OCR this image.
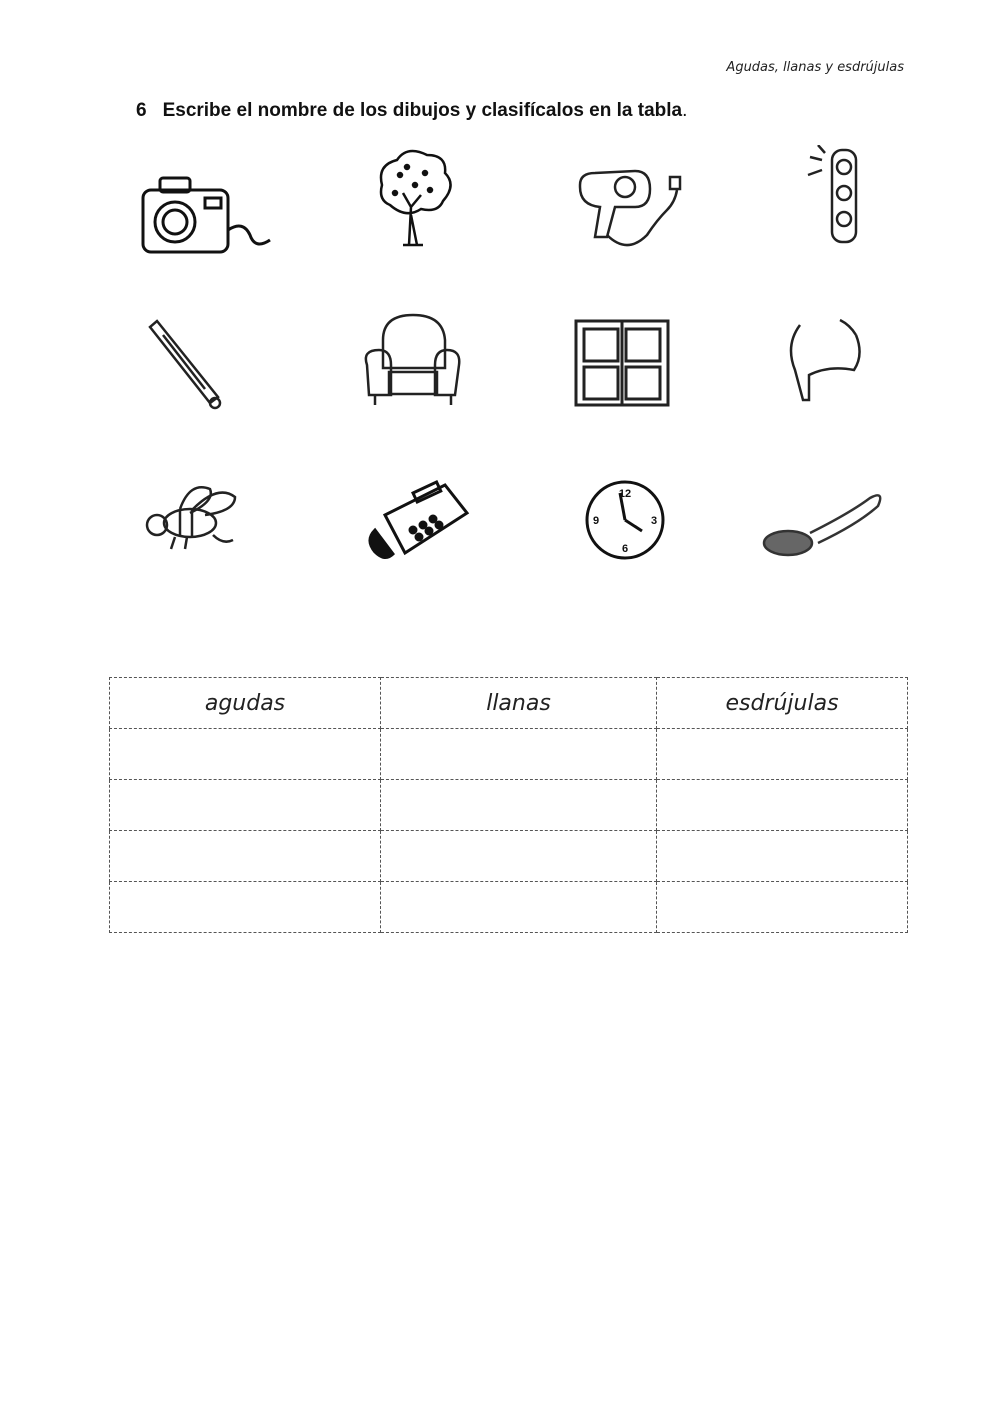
Agudas, llanas y esdrújulas
6 Escribe el nombre de los dibujos y clasifícalos en la tabla.
12
3
6
9
agudas	llanas	esdrújulas
